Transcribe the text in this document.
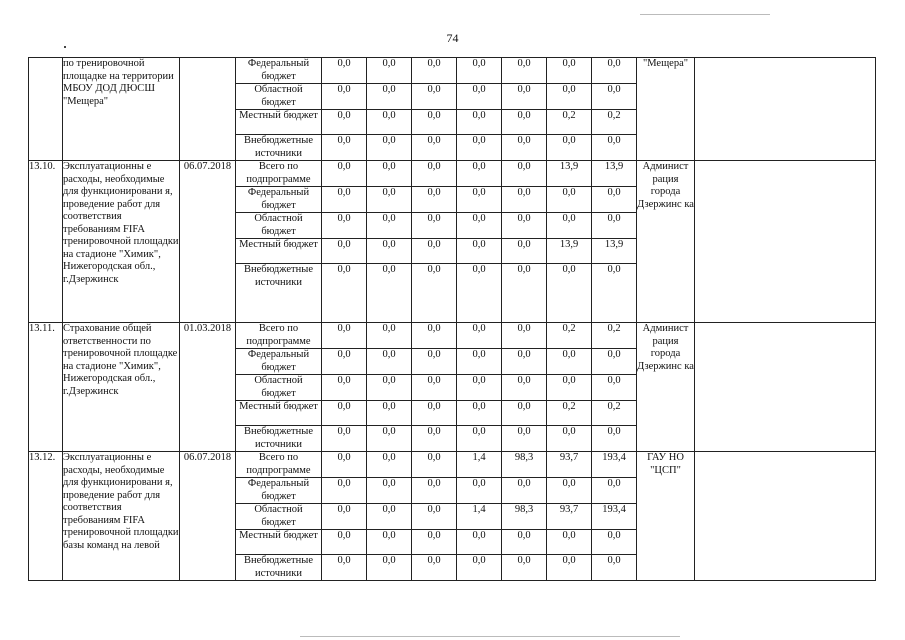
74
	по тренировочной площадке на территории МБОУ ДОД ДЮСШ "Мещера"		Федеральный бюджет	0,0	0,0	0,0	0,0	0,0	0,0	0,0	"Мещера"	
			Областной бюджет	0,0	0,0	0,0	0,0	0,0	0,0	0,0		
			Местный бюджет	0,0	0,0	0,0	0,0	0,0	0,2	0,2		
			Внебюджетные источники	0,0	0,0	0,0	0,0	0,0	0,0	0,0		
13.10.	Эксплуатационны е расходы, необходимые для функционировани я, проведение работ для соответствия требованиям FIFA тренировочной площадки на стадионе "Химик", Нижегородская обл., г.Дзержинск	06.07.2018	Всего по подпрограмме	0,0	0,0	0,0	0,0	0,0	13,9	13,9	Админист рация города Дзержинс ка	
			Федеральный бюджет	0,0	0,0	0,0	0,0	0,0	0,0	0,0		
			Областной бюджет	0,0	0,0	0,0	0,0	0,0	0,0	0,0		
			Местный бюджет	0,0	0,0	0,0	0,0	0,0	13,9	13,9		
			Внебюджетные источники	0,0	0,0	0,0	0,0	0,0	0,0	0,0		
13.11.	Страхование общей ответственности по тренировочной площадке на стадионе "Химик", Нижегородская обл., г.Дзержинск	01.03.2018	Всего по подпрограмме	0,0	0,0	0,0	0,0	0,0	0,2	0,2	Админист рация города Дзержинс ка	
			Федеральный бюджет	0,0	0,0	0,0	0,0	0,0	0,0	0,0		
			Областной бюджет	0,0	0,0	0,0	0,0	0,0	0,0	0,0		
			Местный бюджет	0,0	0,0	0,0	0,0	0,0	0,2	0,2		
			Внебюджетные источники	0,0	0,0	0,0	0,0	0,0	0,0	0,0		
13.12.	Эксплуатационны е расходы, необходимые для функционировани я, проведение работ для соответствия требованиям FIFA тренировочной площадки базы команд на левой	06.07.2018	Всего по подпрограмме	0,0	0,0	0,0	1,4	98,3	93,7	193,4	ГАУ НО "ЦСП"	
			Федеральный бюджет	0,0	0,0	0,0	0,0	0,0	0,0	0,0		
			Областной бюджет	0,0	0,0	0,0	1,4	98,3	93,7	193,4		
			Местный бюджет	0,0	0,0	0,0	0,0	0,0	0,0	0,0		
			Внебюджетные источники	0,0	0,0	0,0	0,0	0,0	0,0	0,0		
